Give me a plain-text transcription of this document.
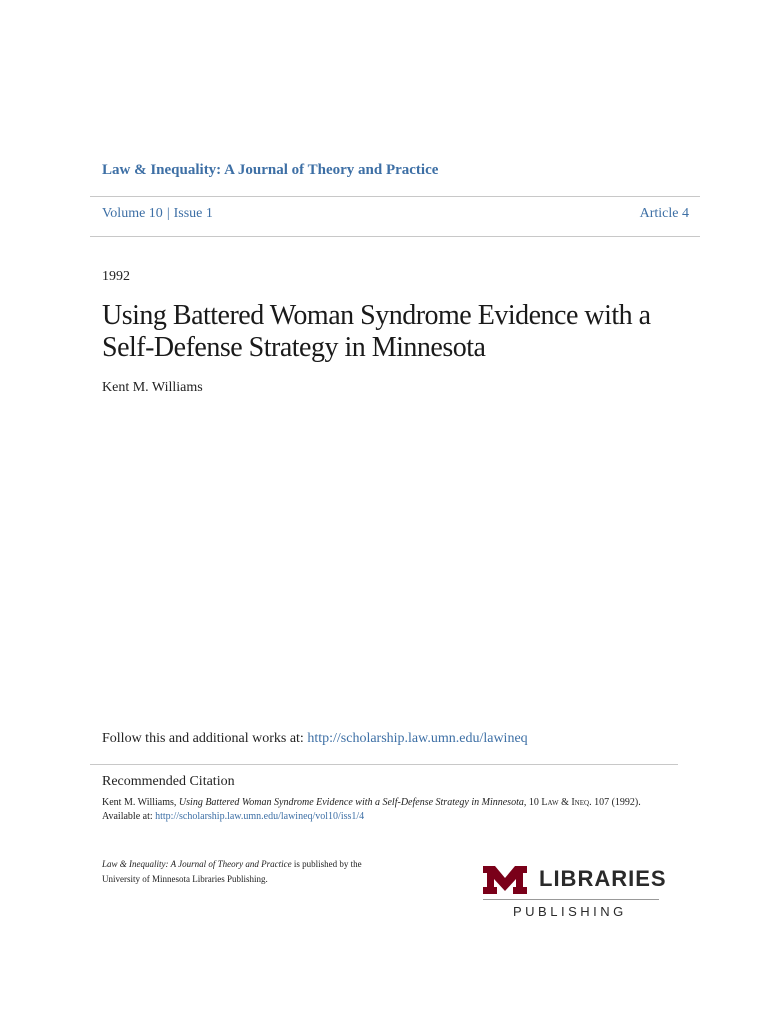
Law & Inequality: A Journal of Theory and Practice
Volume 10 | Issue 1	Article 4
1992
Using Battered Woman Syndrome Evidence with a Self-Defense Strategy in Minnesota
Kent M. Williams
Follow this and additional works at: http://scholarship.law.umn.edu/lawineq
Recommended Citation
Kent M. Williams, Using Battered Woman Syndrome Evidence with a Self-Defense Strategy in Minnesota, 10 Law & Ineq. 107 (1992).
Available at: http://scholarship.law.umn.edu/lawineq/vol10/iss1/4
Law & Inequality: A Journal of Theory and Practice is published by the
University of Minnesota Libraries Publishing.	LIBRARIES
PUBLISHING
